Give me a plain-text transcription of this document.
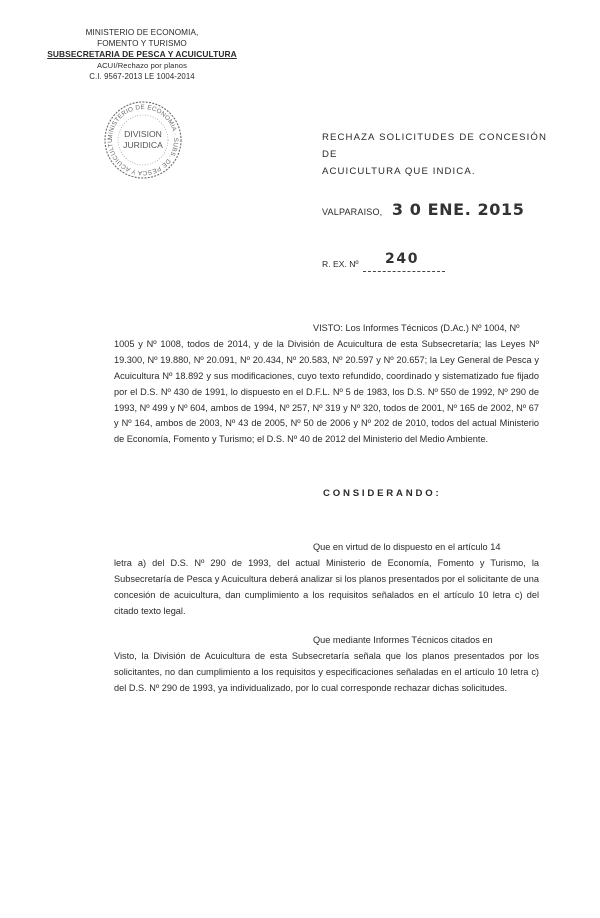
MINISTERIO DE ECONOMIA,
FOMENTO Y TURISMO
SUBSECRETARIA DE PESCA Y ACUICULTURA
ACUI/Rechazo por planos
C.I. 9567-2013 LE 1004-2014
MINISTERIO DE ECONOMIA · SUBS. DE PESCA Y ACUICULTU
DIVISION
JURIDICA
RECHAZA SOLICITUDES DE CONCESIÓN DE
ACUICULTURA QUE INDICA.
VALPARAISO, 3 0 ENE. 2015
R. EX. Nº 240
VISTO: Los Informes Técnicos (D.Ac.) Nº 1004, Nº
1005 y Nº 1008, todos de 2014, y de la División de Acuicultura de esta Subsecretaría; las Leyes Nº 19.300, Nº 19.880, Nº 20.091, Nº 20.434, Nº 20.583, Nº 20.597 y Nº 20.657; la Ley General de Pesca y Acuicultura Nº 18.892 y sus modificaciones, cuyo texto refundido, coordinado y sistematizado fue fijado por el D.S. Nº 430 de 1991, lo dispuesto en el D.F.L. Nº 5 de 1983, los D.S. Nº 550 de 1992, Nº 290 de 1993, Nº 499 y Nº 604, ambos de 1994, Nº 257, Nº 319 y Nº 320, todos de 2001, Nº 165 de 2002, Nº 67 y Nº 164, ambos de 2003, Nº 43 de 2005, Nº 50 de 2006 y Nº 202 de 2010, todos del actual Ministerio de Economía, Fomento y Turismo; el D.S. Nº 40 de 2012 del Ministerio del Medio Ambiente.
CONSIDERANDO:
Que en virtud de lo dispuesto en el artículo 14
letra a) del D.S. Nº 290 de 1993, del actual Ministerio de Economía, Fomento y Turismo, la Subsecretaría de Pesca y Acuicultura deberá analizar si los planos presentados por el solicitante de una concesión de acuicultura, dan cumplimiento a los requisitos señalados en el artículo 10 letra c) del citado texto legal.
Que mediante Informes Técnicos citados en
Visto, la División de Acuicultura de esta Subsecretaría señala que los planos presentados por los solicitantes, no dan cumplimiento a los requisitos y especificaciones señaladas en el artículo 10 letra c) del D.S. Nº 290 de 1993, ya individualizado, por lo cual corresponde rechazar dichas solicitudes.
